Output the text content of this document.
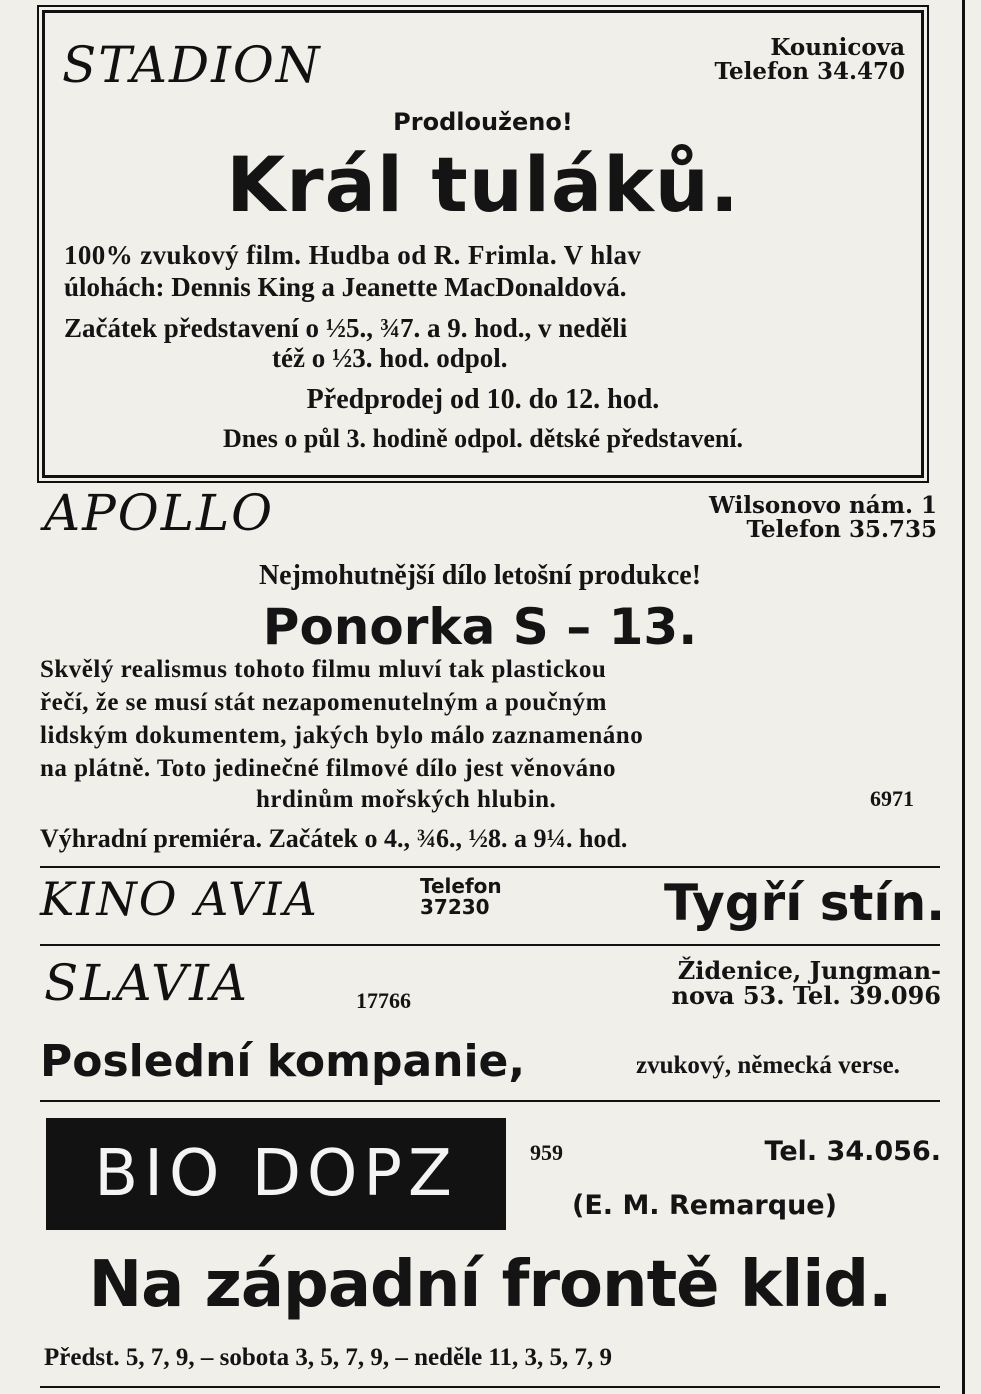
STADION	Kounicova
Telefon 34.470
Prodlouženo!
Král tuláků.
100% zvukový film. Hudba od R. Frimla. V hlav
úlohách: Dennis King a Jeanette MacDonaldová.
Začátek představení o ½5., ¾7. a 9. hod., v neděli
též o ½3. hod. odpol.
Předprodej od 10. do 12. hod.
Dnes o půl 3. hodině odpol. dětské představení.
APOLLO	Wilsonovo nám. 1
Telefon 35.735
Nejmohutnější dílo letošní produkce!
Ponorka S – 13.
Skvělý realismus tohoto filmu mluví tak plastickou
řečí, že se musí stát nezapomenutelným a poučným
lidským dokumentem, jakých bylo málo zaznamenáno
na plátně. Toto jedinečné filmové dílo jest věnováno
hrdinům mořských hlubin.	6971
Výhradní premiéra. Začátek o 4., ¾6., ½8. a 9¼. hod.
KINO AVIA	Telefon
37230	Tygří stín.
SLAVIA	17766
Židenice, Jungman-
nova 53. Tel. 39.096
Poslední kompanie,	zvukový, německá verse.
BIO DOPZ	959	Tel. 34.056.
(E. M. Remarque)
Na západní frontě klid.
Předst. 5, 7, 9, – sobota 3, 5, 7, 9, – neděle 11, 3, 5, 7, 9
